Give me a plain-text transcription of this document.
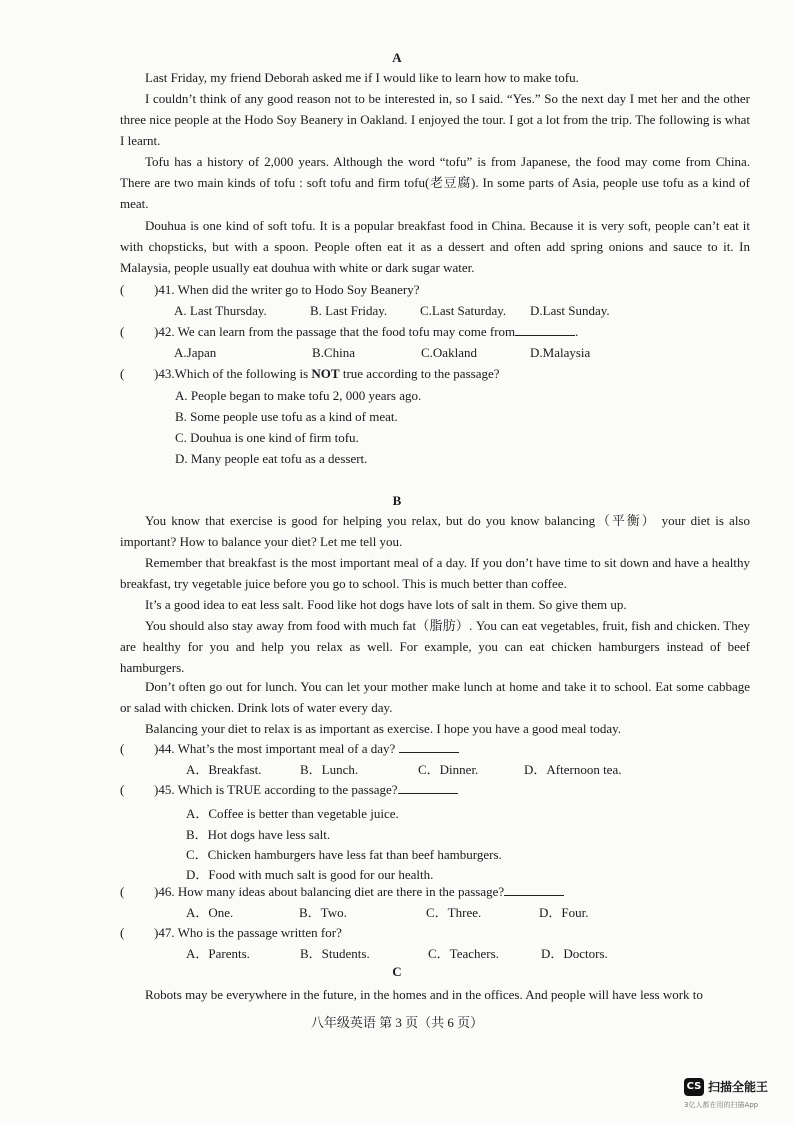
A
Last Friday, my friend Deborah asked me if I would like to learn how to make tofu.
I couldn’t think of any good reason not to be interested in, so I said. “Yes.” So the next day I met her and the other three nice people at the Hodo Soy Beanery in Oakland. I enjoyed the tour. I got a lot from the trip. The following is what I learnt.
Tofu has a history of 2,000 years. Although the word “tofu” is from Japanese, the food may come from China. There are two main kinds of tofu : soft tofu and firm tofu(老豆腐). In some parts of Asia, people use tofu as a kind of meat.
Douhua is one kind of soft tofu. It is a popular breakfast food in China. Because it is very soft, people can’t eat it with chopsticks, but with a spoon. People often eat it as a dessert and often add spring onions and sauce to it. In Malaysia, people usually eat douhua with white or dark sugar water.
( )41. When did the writer go to Hodo Soy Beanery?
A. Last Thursday.	B. Last Friday.	C.Last Saturday. D.Last Sunday.
( )42. We can learn from the passage that the food tofu may come from	.
A.Japan	B.China	C.Oakland	D.Malaysia
( )43.Which of the following is NOT true according to the passage?
A. People began to make tofu 2, 000 years ago.
B. Some people use tofu as a kind of meat.
C. Douhua is one kind of firm tofu.
D. Many people eat tofu as a dessert.
B
You know that exercise is good for helping you relax, but do you know balancing（平衡） your diet is also important? How to balance your diet? Let me tell you.
Remember that breakfast is the most important meal of a day. If you don’t have time to sit down and have a healthy breakfast, try vegetable juice before you go to school. This is much better than coffee.
It’s a good idea to eat less salt. Food like hot dogs have lots of salt in them. So give them up.
You should also stay away from food with much fat（脂肪）. You can eat vegetables, fruit, fish and chicken. They are healthy for you and help you relax as well. For example, you can eat chicken hamburgers instead of beef hamburgers.
Don’t often go out for lunch. You can let your mother make lunch at home and take it to school. Eat some cabbage or salad with chicken. Drink lots of water every day.
Balancing your diet to relax is as important as exercise. I hope you have a good meal today.
( )44. What’s the most important meal of a day?
A．Breakfast.	B．Lunch.	C．Dinner.	D．Afternoon tea.
( )45. Which is TRUE according to the passage?
A．Coffee is better than vegetable juice.
B．Hot dogs have less salt.
C．Chicken hamburgers have less fat than beef hamburgers.
D．Food with much salt is good for our health.
( )46. How many ideas about balancing diet are there in the passage?
A．One.	B．Two.	C．Three.	D．Four.
( )47. Who is the passage written for?
A．Parents.	B．Students.	C．Teachers.	D．Doctors.
C
Robots may be everywhere in the future, in the homes and in the offices. And people will have less work to
八年级英语 第 3 页（共 6 页）
CS 扫描全能王
3亿人都在用的扫描App
